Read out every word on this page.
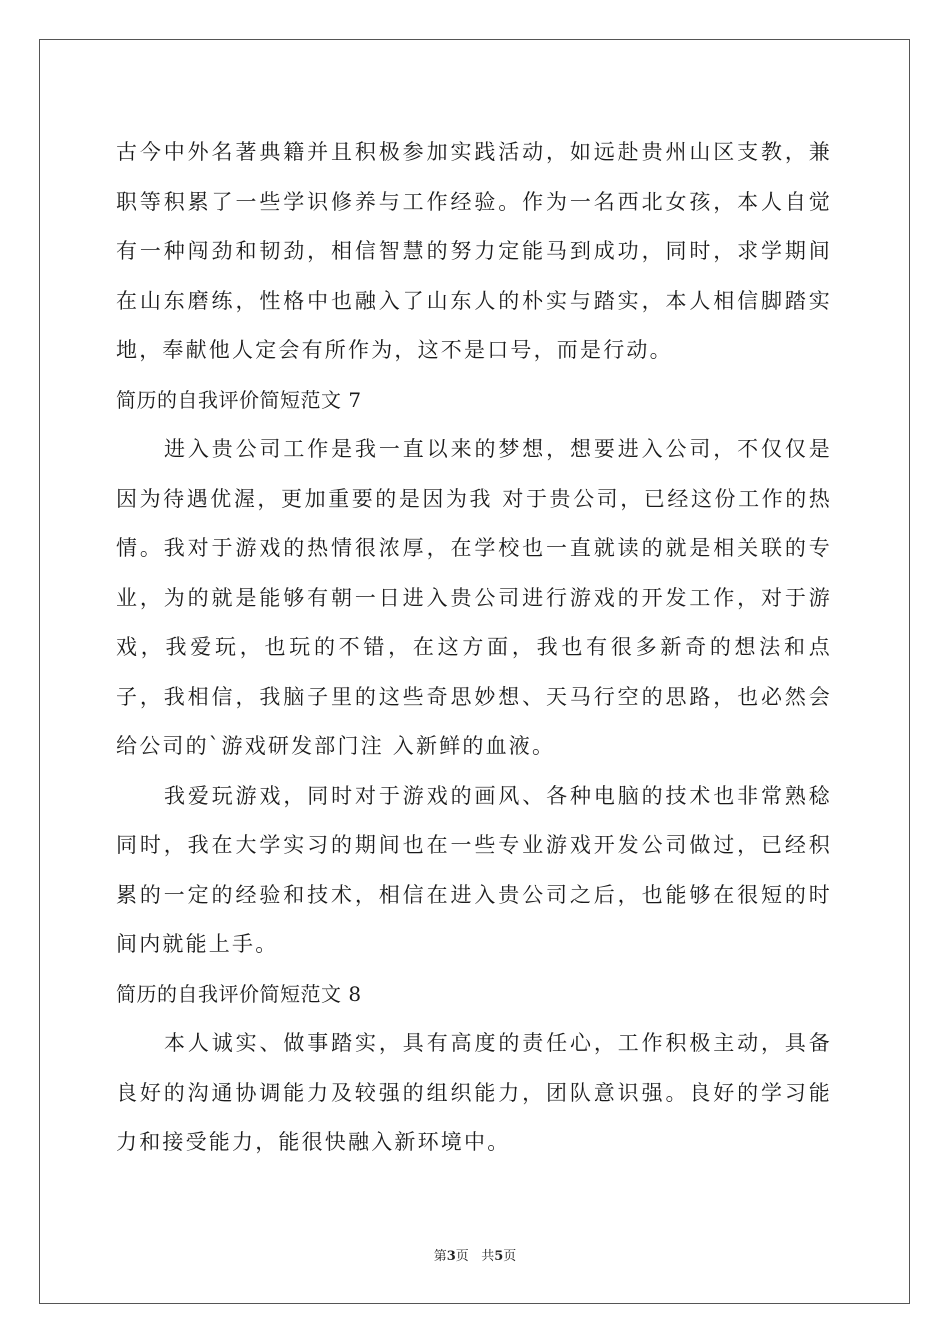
古今中外名著典籍并且积极参加实践活动，如远赴贵州山区支教，兼职等积累了一些学识修养与工作经验。作为一名西北女孩，本人自觉有一种闯劲和韧劲，相信智慧的努力定能马到成功，同时，求学期间在山东磨练，性格中也融入了山东人的朴实与踏实，本人相信脚踏实地，奉献他人定会有所作为，这不是口号，而是行动。

简历的自我评价简短范文 7

进入贵公司工作是我一直以来的梦想，想要进入公司，不仅仅是因为待遇优渥，更加重要的是因为我 对于贵公司，已经这份工作的热情。我对于游戏的热情很浓厚，在学校也一直就读的就是相关联的专业，为的就是能够有朝一日进入贵公司进行游戏的开发工作，对于游戏，我爱玩，也玩的不错，在这方面，我也有很多新奇的想法和点子，我相信，我脑子里的这些奇思妙想、天马行空的思路，也必然会给公司的`游戏研发部门注 入新鲜的血液。

我爱玩游戏，同时对于游戏的画风、各种电脑的技术也非常熟稔同时，我在大学实习的期间也在一些专业游戏开发公司做过，已经积累的一定的经验和技术，相信在进入贵公司之后，也能够在很短的时间内就能上手。

简历的自我评价简短范文 8

本人诚实、做事踏实，具有高度的责任心，工作积极主动，具备良好的沟通协调能力及较强的组织能力，团队意识强。良好的学习能力和接受能力，能很快融入新环境中。

第3页 共5页
